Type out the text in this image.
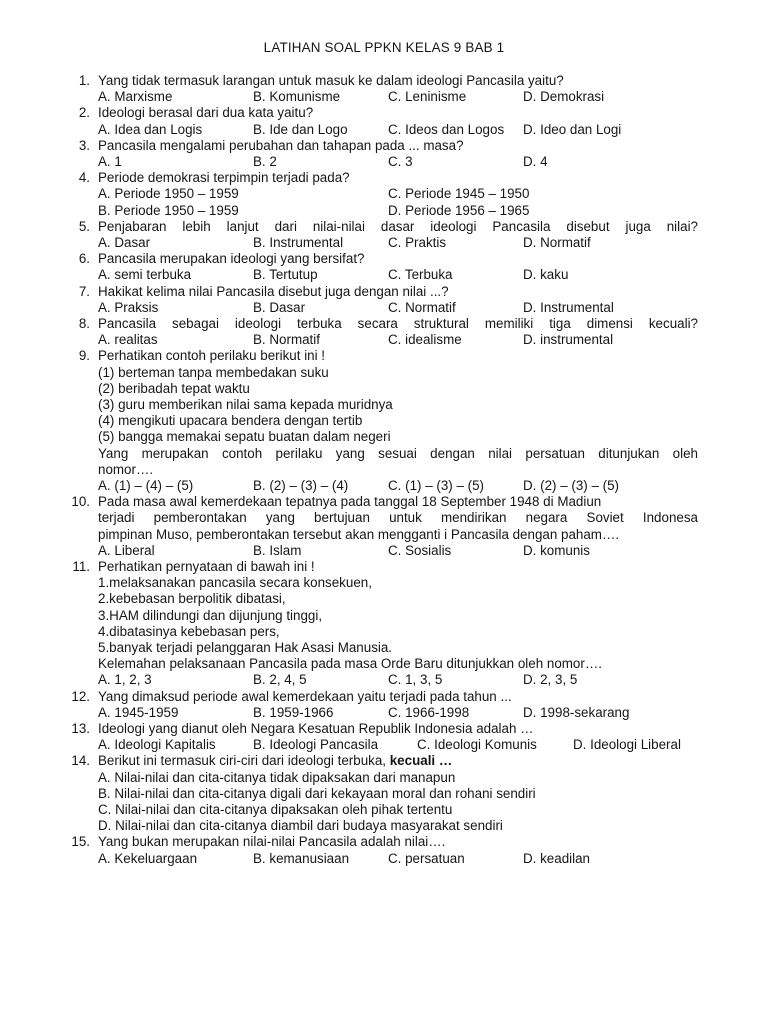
LATIHAN SOAL PPKN KELAS 9 BAB 1
1. Yang tidak termasuk larangan untuk masuk ke dalam ideologi Pancasila yaitu?
A. Marxisme	B. Komunisme	C. Leninisme	D. Demokrasi
2. Ideologi berasal dari dua kata yaitu?
A. Idea dan Logis	B. Ide dan Logo	C. Ideos dan Logos D. Ideo dan Logi
3. Pancasila mengalami perubahan dan tahapan pada ... masa?
A. 1	B. 2	C. 3	D. 4
4. Periode demokrasi terpimpin terjadi pada?
A. Periode 1950 – 1959	C. Periode 1945 – 1950
B. Periode 1950 – 1959	D. Periode 1956 – 1965
5. Penjabaran lebih lanjut dari nilai-nilai dasar ideologi Pancasila disebut juga nilai?
A. Dasar	B. Instrumental	C. Praktis	D. Normatif
6. Pancasila merupakan ideologi yang bersifat?
A. semi terbuka	B. Tertutup	C. Terbuka	D. kaku
7. Hakikat kelima nilai Pancasila disebut juga dengan nilai ...?
A. Praksis	B. Dasar	C. Normatif	D. Instrumental
8. Pancasila sebagai ideologi terbuka secara struktural memiliki tiga dimensi kecuali?
A. realitas	B. Normatif	C. idealisme	D. instrumental
9. Perhatikan contoh perilaku berikut ini !
(1) berteman tanpa membedakan suku
(2) beribadah tepat waktu
(3) guru memberikan nilai sama kepada muridnya
(4) mengikuti upacara bendera dengan tertib
(5) bangga memakai sepatu buatan dalam negeri
Yang merupakan contoh perilaku yang sesuai dengan nilai persatuan ditunjukan oleh
nomor….
A. (1) – (4) – (5)	B. (2) – (3) – (4)	C. (1) – (3) – (5)	D. (2) – (3) – (5)
10. Pada masa awal kemerdekaan tepatnya pada tanggal 18 September 1948 di Madiun
terjadi pemberontakan yang bertujuan untuk mendirikan negara Soviet Indonesa
pimpinan Muso, pemberontakan tersebut akan mengganti i Pancasila dengan paham….
A. Liberal	B. Islam	C. Sosialis	D. komunis
11. Perhatikan pernyataan di bawah ini !
1.melaksanakan pancasila secara konsekuen,
2.kebebasan berpolitik dibatasi,
3.HAM dilindungi dan dijunjung tinggi,
4.dibatasinya kebebasan pers,
5.banyak terjadi pelanggaran Hak Asasi Manusia.
Kelemahan pelaksanaan Pancasila pada masa Orde Baru ditunjukkan oleh nomor….
A. 1, 2, 3	B. 2, 4, 5	C. 1, 3, 5	D. 2, 3, 5
12. Yang dimaksud periode awal kemerdekaan yaitu terjadi pada tahun ...
A. 1945-1959	B. 1959-1966	C. 1966-1998	D. 1998-sekarang
13. Ideologi yang dianut oleh Negara Kesatuan Republik Indonesia adalah …
A. Ideologi Kapitalis	B. Ideologi Pancasila	C. Ideologi Komunis	D. Ideologi Liberal
14. Berikut ini termasuk ciri-ciri dari ideologi terbuka, kecuali …
A. Nilai-nilai dan cita-citanya tidak dipaksakan dari manapun
B. Nilai-nilai dan cita-citanya digali dari kekayaan moral dan rohani sendiri
C. Nilai-nilai dan cita-citanya dipaksakan oleh pihak tertentu
D. Nilai-nilai dan cita-citanya diambil dari budaya masyarakat sendiri
15. Yang bukan merupakan nilai-nilai Pancasila adalah nilai….
A. Kekeluargaan	B. kemanusiaan	C. persatuan	D. keadilan
